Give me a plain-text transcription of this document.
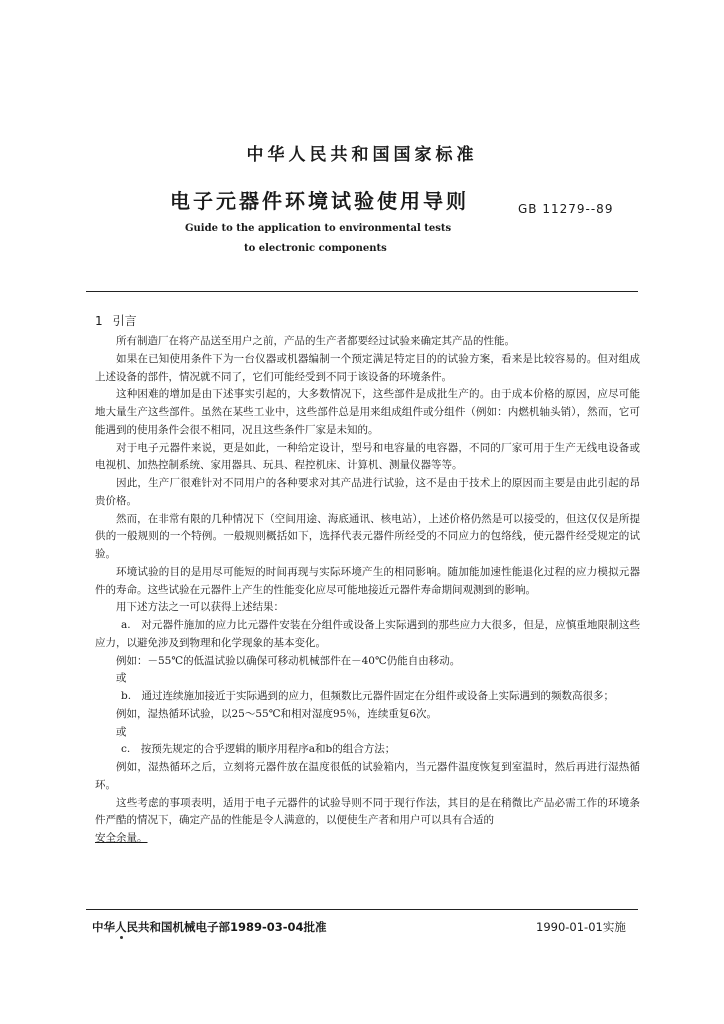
中华人民共和国国家标准
电子元器件环境试验使用导则	GB 11279--89
Guide to the application to environmental tests
to electronic components
1 引言

所有制造厂在将产品送至用户之前，产品的生产者都要经过试验来确定其产品的性能。

如果在已知使用条件下为一台仪器或机器编制一个预定满足特定目的的试验方案，看来是比较容易的。但对组成上述设备的部件，情况就不同了，它们可能经受到不同于该设备的环境条件。

这种困难的增加是由下述事实引起的，大多数情况下，这些部件是成批生产的。由于成本价格的原因，应尽可能地大量生产这些部件。虽然在某些工业中，这些部件总是用来组成组件或分组件（例如：内燃机轴头销），然而，它可能遇到的使用条件会很不相同，况且这些条件厂家是未知的。

对于电子元器件来说，更是如此，一种给定设计，型号和电容量的电容器，不同的厂家可用于生产无线电设备或电视机、加热控制系统、家用器具、玩具、程控机床、计算机、测量仪器等等。

因此，生产厂很难针对不同用户的各种要求对其产品进行试验，这不是由于技术上的原因而主要是由此引起的昂贵价格。

然而，在非常有限的几种情况下（空间用途、海底通讯、核电站），上述价格仍然是可以接受的，但这仅仅是所提供的一般规则的一个特例。一般规则概括如下，选择代表元器件所经受的不同应力的包络线，使元器件经受规定的试验。

环境试验的目的是用尽可能短的时间再现与实际环境产生的相同影响。随加能加速性能退化过程的应力模拟元器件的寿命。这些试验在元器件上产生的性能变化应尽可能地接近元器件寿命期间观测到的影响。

用下述方法之一可以获得上述结果：

a.　对元器件施加的应力比元器件安装在分组件或设备上实际遇到的那些应力大很多，但是，应慎重地限制这些应力，以避免涉及到物理和化学现象的基本变化。

例如：－55℃的低温试验以确保可移动机械部件在－40℃仍能自由移动。

或

b.　通过连续施加接近于实际遇到的应力，但频数比元器件固定在分组件或设备上实际遇到的频数高很多；

例如，湿热循环试验，以25～55℃和相对湿度95％，连续重复6次。

或

c.　按预先规定的合乎逻辑的顺序用程序a和b的组合方法；

例如，湿热循环之后，立刻将元器件放在温度很低的试验箱内，当元器件温度恢复到室温时，然后再进行湿热循环。

这些考虑的事项表明，适用于电子元器件的试验导则不同于现行作法，其目的是在稍微比产品必需工作的环境条件严酷的情况下，确定产品的性能是令人满意的，以便使生产者和用户可以具有合适的

安全余量。

中华人民共和国机械电子部1989-03-04批准	1990-01-01实施
